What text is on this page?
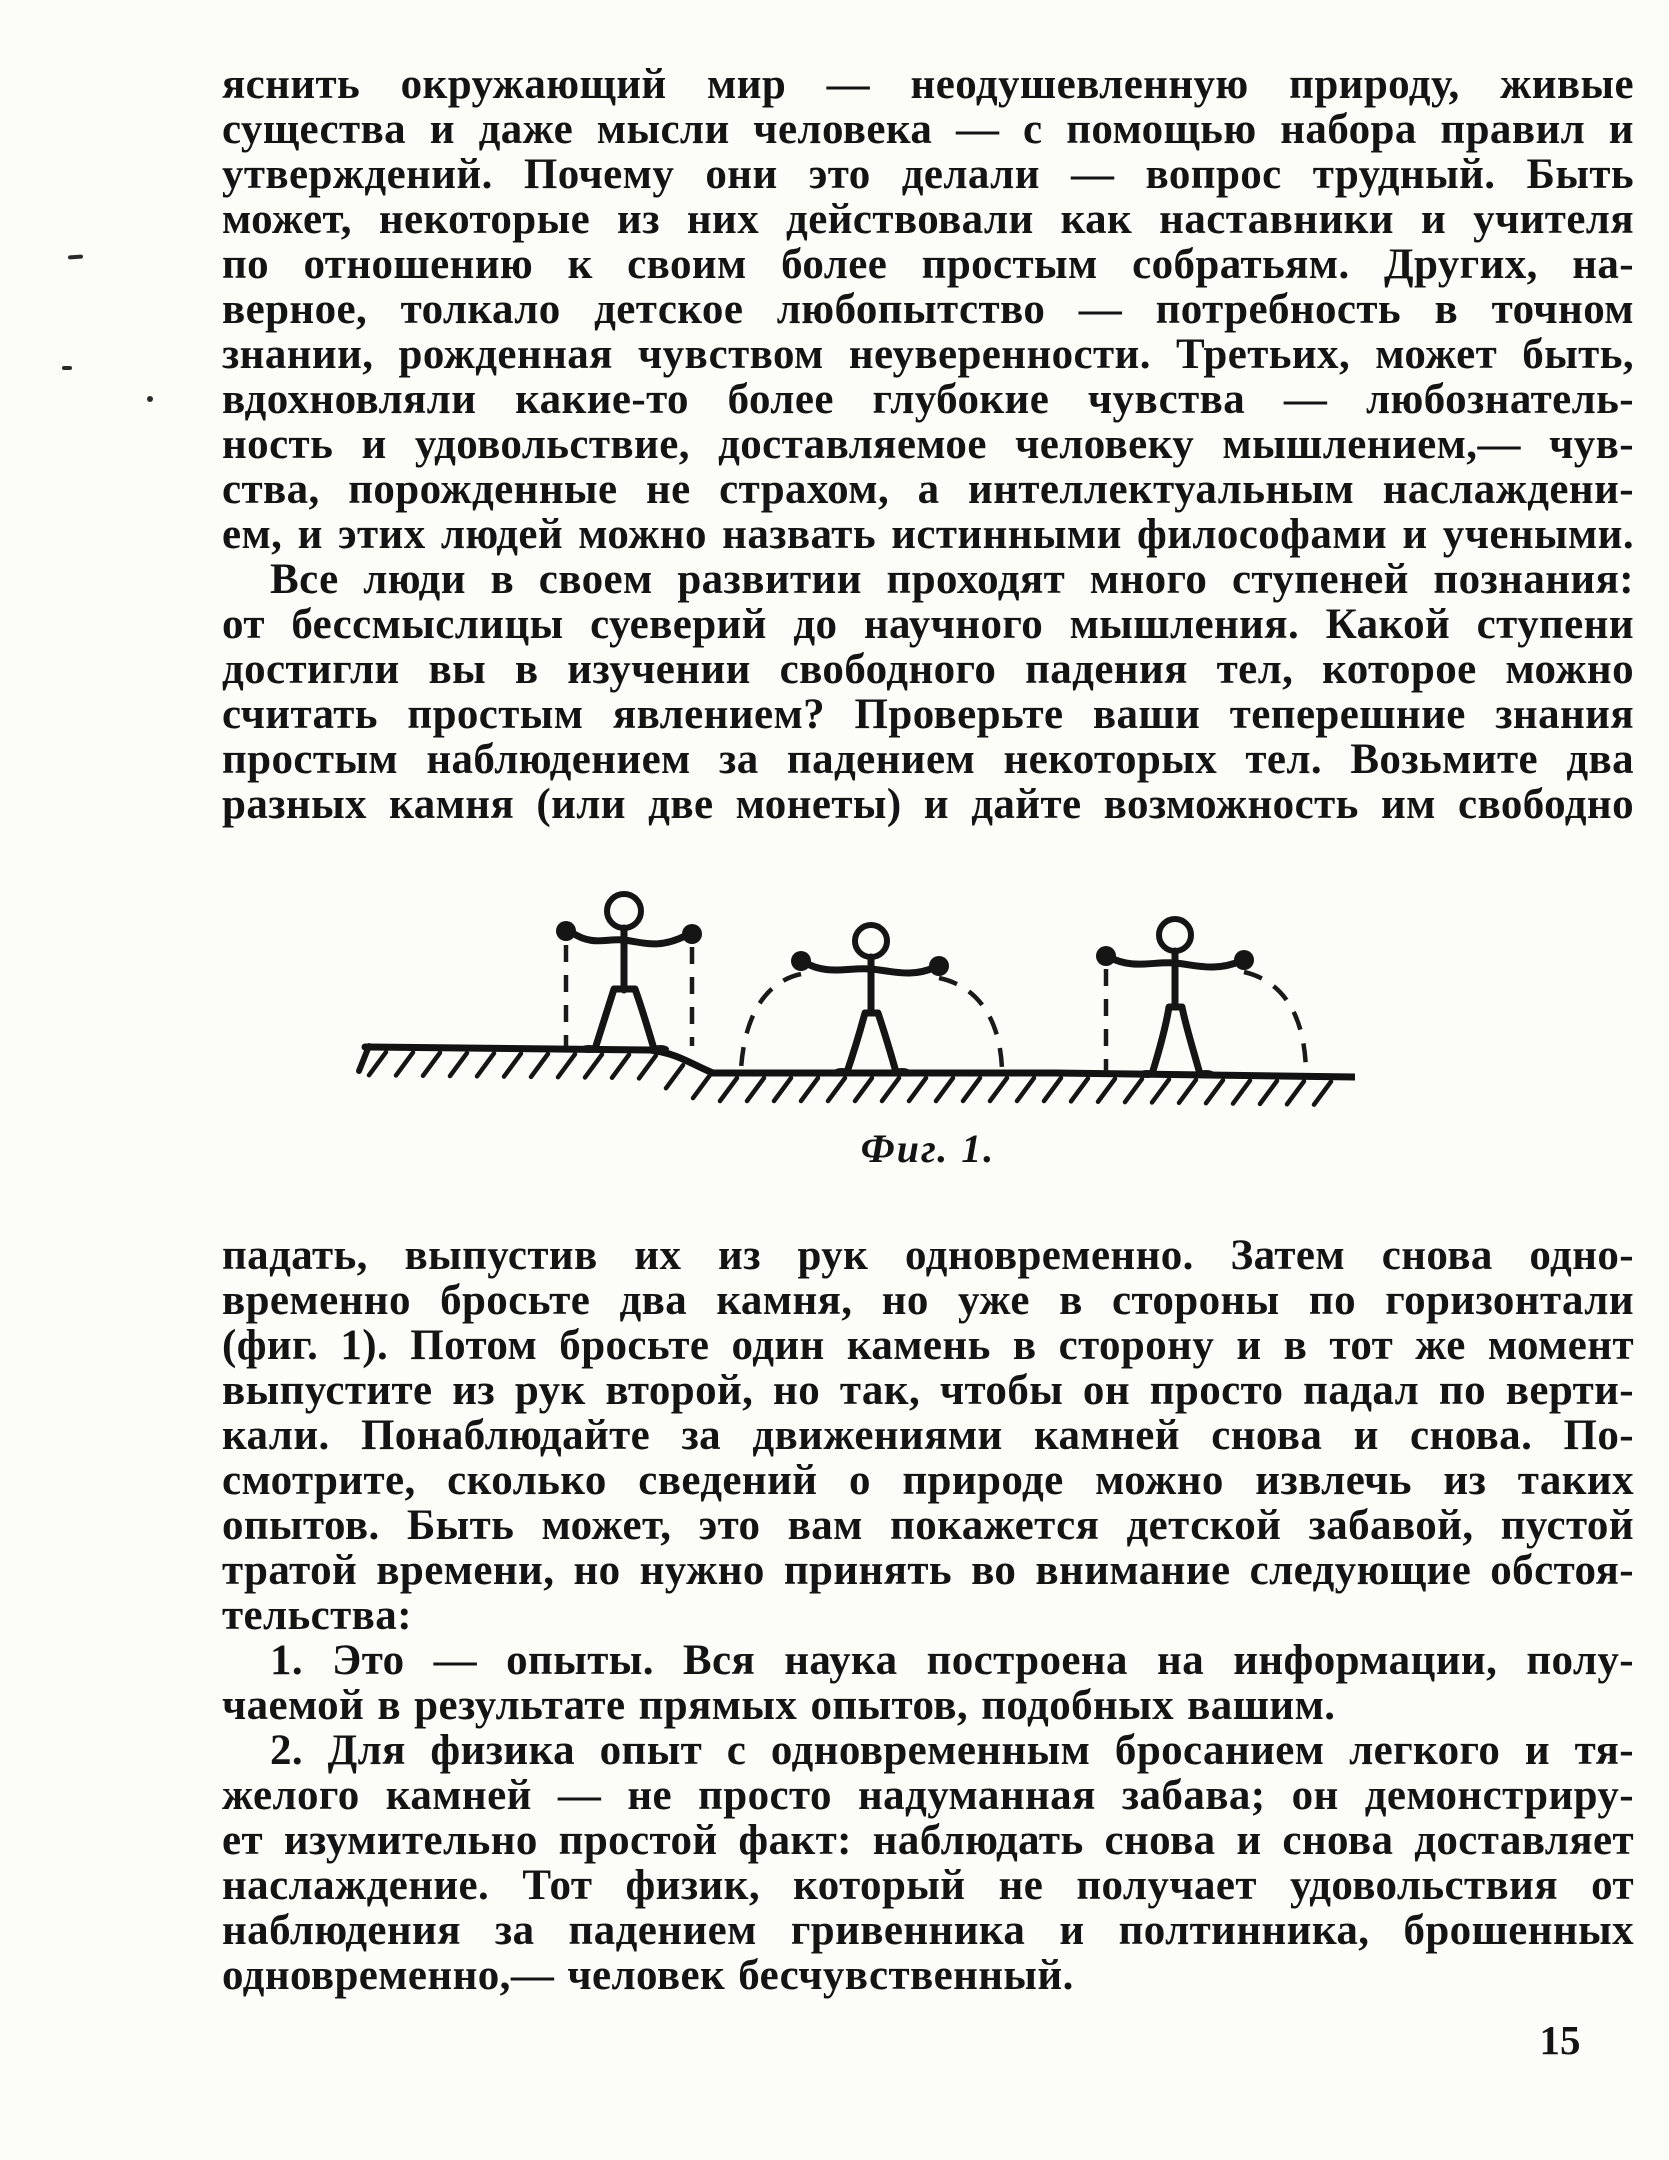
яснить окружающий мир — неодушевленную природу, живые
существа и даже мысли человека — с помощью набора правил и
утверждений. Почему они это делали — вопрос трудный. Быть
может, некоторые из них действовали как наставники и учителя
по отношению к своим более простым собратьям. Других, на-
верное, толкало детское любопытство — потребность в точном
знании, рожденная чувством неуверенности. Третьих, может быть,
вдохновляли какие-то более глубокие чувства — любознатель-
ность и удовольствие, доставляемое человеку мышлением,— чув-
ства, порожденные не страхом, а интеллектуальным наслаждени-
ем, и этих людей можно назвать истинными философами и учеными.
Все люди в своем развитии проходят много ступеней познания:
от бессмыслицы суеверий до научного мышления. Какой ступени
достигли вы в изучении свободного падения тел, которое можно
считать простым явлением? Проверьте ваши теперешние знания
простым наблюдением за падением некоторых тел. Возьмите два
разных камня (или две монеты) и дайте возможность им свободно
Фиг. 1.
падать, выпустив их из рук одновременно. Затем снова одно-
временно бросьте два камня, но уже в стороны по горизонтали
(фиг. 1). Потом бросьте один камень в сторону и в тот же момент
выпустите из рук второй, но так, чтобы он просто падал по верти-
кали. Понаблюдайте за движениями камней снова и снова. По-
смотрите, сколько сведений о природе можно извлечь из таких
опытов. Быть может, это вам покажется детской забавой, пустой
тратой времени, но нужно принять во внимание следующие обстоя-
тельства:
1. Это — опыты. Вся наука построена на информации, полу-
чаемой в результате прямых опытов, подобных вашим.
2. Для физика опыт с одновременным бросанием легкого и тя-
желого камней — не просто надуманная забава; он демонстриру-
ет изумительно простой факт: наблюдать снова и снова доставляет
наслаждение. Тот физик, который не получает удовольствия от
наблюдения за падением гривенника и полтинника, брошенных
одновременно,— человек бесчувственный.
15
